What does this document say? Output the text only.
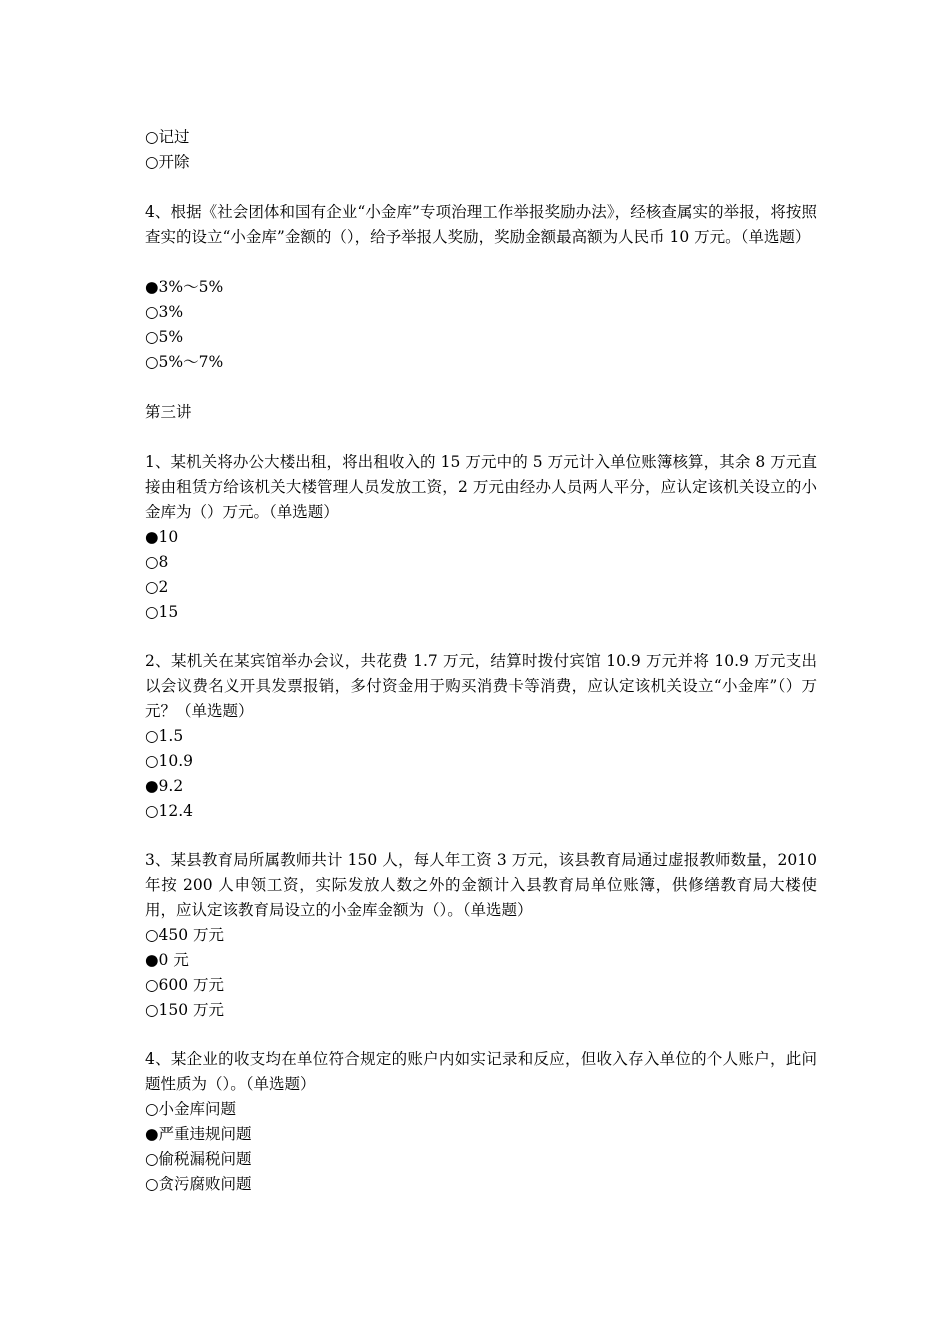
○记过
○开除
4、根据《社会团体和国有企业“小金库”专项治理工作举报奖励办法》，经核查属实的举报，将按照查实的设立“小金库”金额的（），给予举报人奖励，奖励金额最高额为人民币 10 万元。（单选题）
●3%～5%
○3%
○5%
○5%～7%
第三讲
1、某机关将办公大楼出租，将出租收入的 15 万元中的 5 万元计入单位账簿核算，其余 8 万元直接由租赁方给该机关大楼管理人员发放工资，2 万元由经办人员两人平分，应认定该机关设立的小金库为（）万元。（单选题）
●10
○8
○2
○15
2、某机关在某宾馆举办会议，共花费 1.7 万元，结算时拨付宾馆 10.9 万元并将 10.9 万元支出以会议费名义开具发票报销，多付资金用于购买消费卡等消费，应认定该机关设立“小金库”（）万元？（单选题）
○1.5
○10.9
●9.2
○12.4
3、某县教育局所属教师共计 150 人，每人年工资 3 万元，该县教育局通过虚报教师数量，2010 年按 200 人申领工资，实际发放人数之外的金额计入县教育局单位账簿，供修缮教育局大楼使用，应认定该教育局设立的小金库金额为（）。（单选题）
○450 万元
●0 元
○600 万元
○150 万元
4、某企业的收支均在单位符合规定的账户内如实记录和反应，但收入存入单位的个人账户，此问题性质为（）。（单选题）
○小金库问题
●严重违规问题
○偷税漏税问题
○贪污腐败问题
